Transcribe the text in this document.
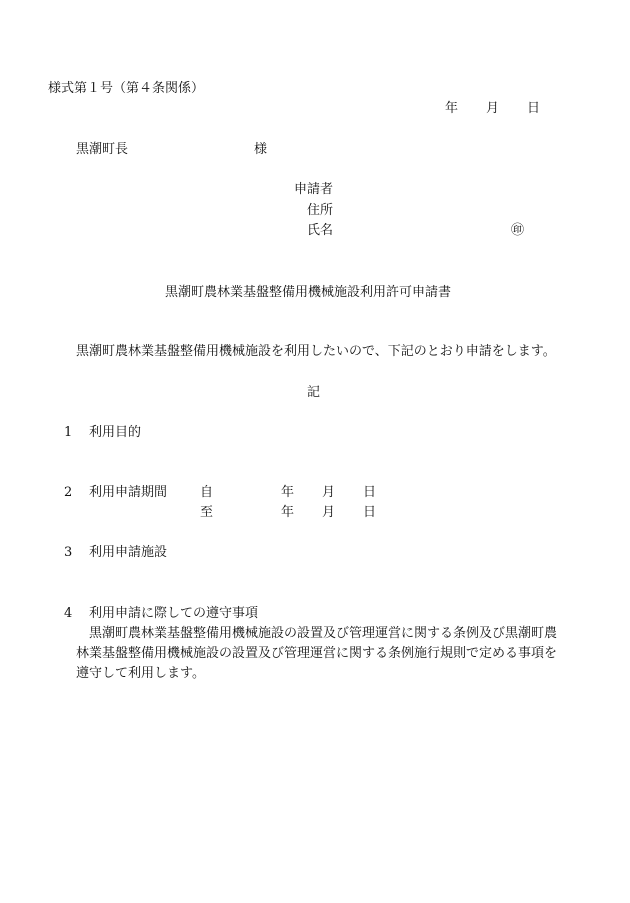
様式第１号（第４条関係）
年 月 日
黒潮町長	様
申請者
住所
氏名	㊞
黒潮町農林業基盤整備用機械施設利用許可申請書
黒潮町農林業基盤整備用機械施設を利用したいので、下記のとおり申請をします。
記
1 利用目的
2 利用申請期間	自	年 月 日
至	年 月 日
3 利用申請施設
4 利用申請に際しての遵守事項
黒潮町農林業基盤整備用機械施設の設置及び管理運営に関する条例及び黒潮町農
林業基盤整備用機械施設の設置及び管理運営に関する条例施行規則で定める事項を
遵守して利用します。
